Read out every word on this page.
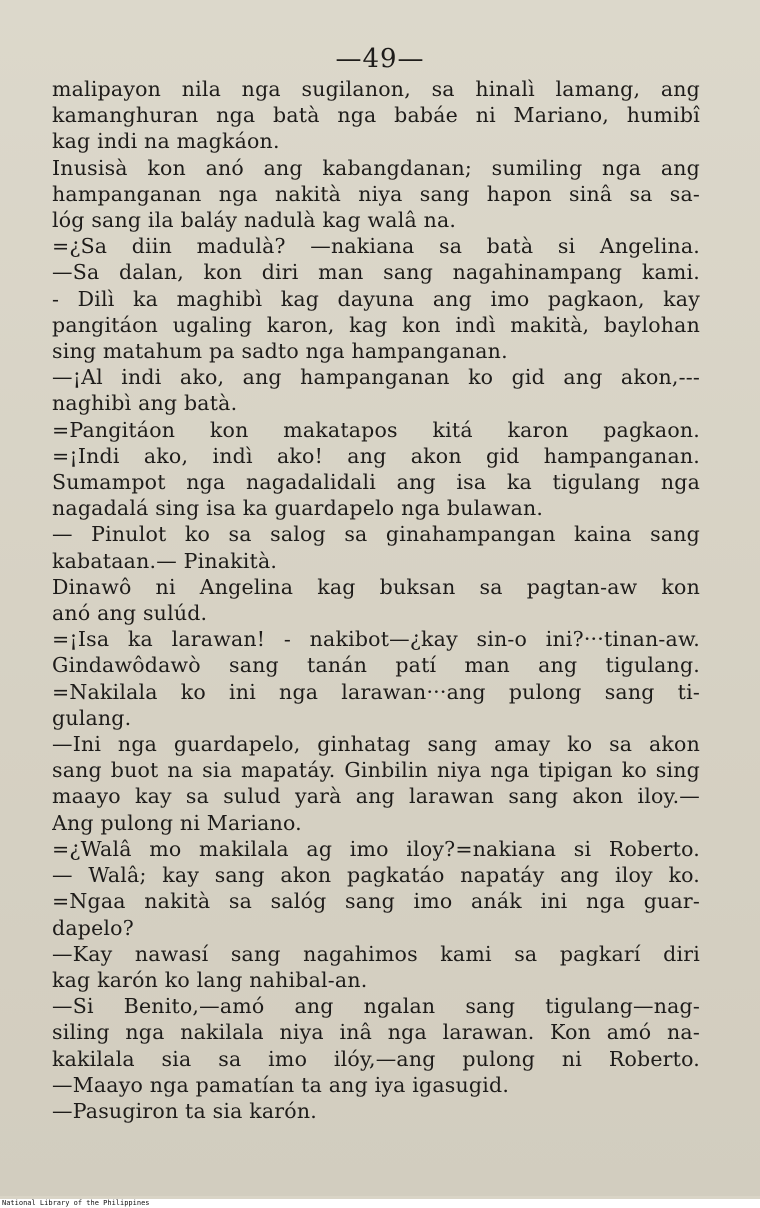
—49—
malipayon nila nga sugilanon, sa hinalì lamang, ang
kamanghuran nga batà nga babáe ni Mariano, humibî
kag indi na magkáon.
Inusisà kon anó ang kabangdanan; sumiling nga ang
hampanganan nga nakità niya sang hapon sinâ sa sa-
lóg sang ila baláy nadulà kag walâ na.
=¿Sa diin madulà? —nakiana sa batà si Angelina.
—Sa dalan, kon diri man sang nagahinampang kami.
- Dilì ka maghibì kag dayuna ang imo pagkaon, kay
pangitáon ugaling karon, kag kon indì makità, baylohan
sing matahum pa sadto nga hampanganan.
—¡Al indi ako, ang hampanganan ko gid ang akon,---
naghibì ang batà.
=Pangitáon kon makatapos kitá karon pagkaon.
=¡Indi ako, indì ako! ang akon gid hampanganan.
Sumampot nga nagadalidali ang isa ka tigulang nga
nagadalá sing isa ka guardapelo nga bulawan.
— Pinulot ko sa salog sa ginahampangan kaina sang
kabataan.— Pinakità.
Dinawô ni Angelina kag buksan sa pagtan-aw kon
anó ang sulúd.
=¡Isa ka larawan! - nakibot—¿kay sin-o ini?···tinan-aw.
Gindawôdawò sang tanán patí man ang tigulang.
=Nakilala ko ini nga larawan···ang pulong sang ti-
gulang.
—Ini nga guardapelo, ginhatag sang amay ko sa akon
sang buot na sia mapatáy. Ginbilin niya nga tipigan ko sing
maayo kay sa sulud yarà ang larawan sang akon iloy.—
Ang pulong ni Mariano.
=¿Walâ mo makilala ag imo iloy?=nakiana si Roberto.
— Walâ; kay sang akon pagkatáo napatáy ang iloy ko.
=Ngaa nakità sa salóg sang imo anák ini nga guar-
dapelo?
—Kay nawasí sang nagahimos kami sa pagkarí diri
kag karón ko lang nahibal-an.
—Si Benito,—amó ang ngalan sang tigulang—nag-
siling nga nakilala niya inâ nga larawan. Kon amó na-
kakilala sia sa imo ilóy,—ang pulong ni Roberto.
—Maayo nga pamatían ta ang iya igasugid.
—Pasugiron ta sia karón.
National Library of the Philippines
